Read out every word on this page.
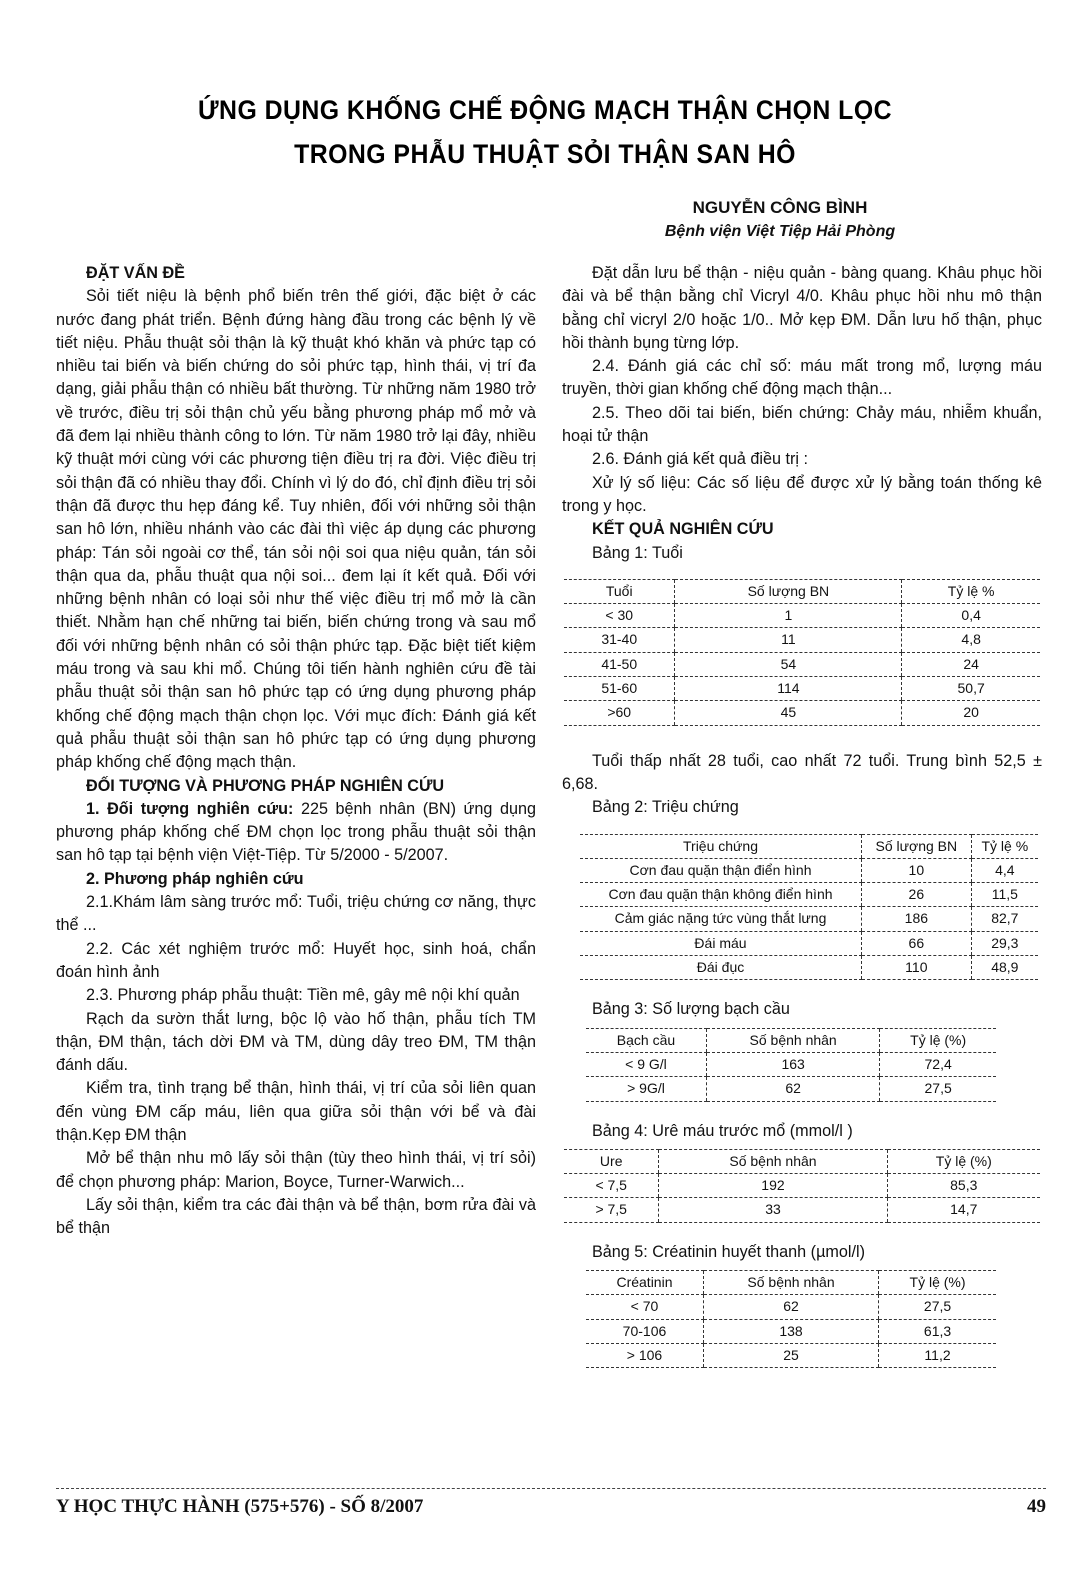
ỨNG DỤNG KHỐNG CHẾ ĐỘNG MẠCH THẬN CHỌN LỌC
TRONG PHẪU THUẬT SỎI THẬN SAN HÔ
NGUYỄN CÔNG BÌNH
Bệnh viện Việt Tiệp Hải Phòng
ĐẶT VẤN ĐỀ

Sỏi tiết niệu là bệnh phổ biến trên thế giới, đặc biệt ở các nước đang phát triển. Bệnh đứng hàng đầu trong các bệnh lý về tiết niệu. Phẫu thuật sỏi thận là kỹ thuật khó khăn và phức tạp có nhiều tai biến và biến chứng do sỏi phức tạp, hình thái, vị trí đa dạng, giải phẫu thận có nhiều bất thường. Từ những năm 1980 trở về trước, điều trị sỏi thận chủ yếu bằng phương pháp mổ mở và đã đem lại nhiều thành công to lớn. Từ năm 1980 trở lại đây, nhiều kỹ thuật mới cùng với các phương tiện điều trị ra đời. Việc điều trị sỏi thận đã có nhiều thay đổi. Chính vì lý do đó, chỉ định điều trị sỏi thận đã được thu hẹp đáng kể. Tuy nhiên, đối với những sỏi thận san hô lớn, nhiều nhánh vào các đài thì việc áp dụng các phương pháp: Tán sỏi ngoài cơ thể, tán sỏi nội soi qua niệu quản, tán sỏi thận qua da, phẫu thuật qua nội soi... đem lại ít kết quả. Đối với những bệnh nhân có loại sỏi như thế việc điều trị mổ mở là cần thiết. Nhằm hạn chế những tai biến, biến chứng trong và sau mổ đối với những bệnh nhân có sỏi thận phức tạp. Đặc biệt tiết kiệm máu trong và sau khi mổ. Chúng tôi tiến hành nghiên cứu đề tài phẫu thuật sỏi thận san hô phức tạp có ứng dụng phương pháp khống chế động mạch thận chọn lọc. Với mục đích: Đánh giá kết quả phẫu thuật sỏi thận san hô phức tạp có ứng dụng phương pháp khống chế động mạch thận.

ĐỐI TƯỢNG VÀ PHƯƠNG PHÁP NGHIÊN CỨU

1. Đối tượng nghiên cứu: 225 bệnh nhân (BN) ứng dụng phương pháp khống chế ĐM chọn lọc trong phẫu thuật sỏi thận san hô tạp tại bệnh viện Việt-Tiệp. Từ 5/2000 - 5/2007.

2. Phương pháp nghiên cứu

2.1.Khám lâm sàng trước mổ: Tuổi, triệu chứng cơ năng, thực thể ...

2.2. Các xét nghiệm trước mổ: Huyết học, sinh hoá, chẩn đoán hình ảnh

2.3. Phương pháp phẫu thuật: Tiền mê, gây mê nội khí quản

Rạch da sườn thắt lưng, bộc lộ vào hố thận, phẫu tích TM thận, ĐM thận, tách dời ĐM và TM, dùng dây treo ĐM, TM thận đánh dấu.

Kiểm tra, tình trạng bể thận, hình thái, vị trí của sỏi liên quan đến vùng ĐM cấp máu, liên qua giữa sỏi thận với bể và đài thận.Kẹp ĐM thận

Mở bể thận nhu mô lấy sỏi thận (tùy theo hình thái, vị trí sỏi) để chọn phương pháp: Marion, Boyce, Turner-Warwich...

Lấy sỏi thận, kiểm tra các đài thận và bể thận, bơm rửa đài và bể thận

Đặt dẫn lưu bể thận - niệu quản - bàng quang. Khâu phục hồi đài và bể thận bằng chỉ Vicryl 4/0. Khâu phục hồi nhu mô thận bằng chỉ vicryl 2/0 hoặc 1/0.. Mở kẹp ĐM. Dẫn lưu hố thận, phục hồi thành bụng từng lớp.

2.4. Đánh giá các chỉ số: máu mất trong mổ, lượng máu truyền, thời gian khống chế động mạch thận...

2.5. Theo dõi tai biến, biến chứng: Chảy máu, nhiễm khuẩn, hoại tử thận

2.6. Đánh giá kết quả điều trị :

Xử lý số liệu: Các số liệu để được xử lý bằng toán thống kê trong y học.

KẾT QUẢ NGHIÊN CỨU
Bảng 1: Tuổi
Tuổi	Số lượng BN	Tỷ lệ %
< 30	1	0,4
31-40	11	4,8
41-50	54	24
51-60	114	50,7
>60	45	20

Tuổi thấp nhất 28 tuổi, cao nhất 72 tuổi. Trung bình 52,5 ± 6,68.

Bảng 2: Triệu chứng
Triệu chứng	Số lượng BN	Tỷ lệ %
Cơn đau quặn thận điển hình	10	4,4
Cơn đau quặn thận không điển hình	26	11,5
Cảm giác nặng tức vùng thắt lưng	186	82,7
Đái máu	66	29,3
Đái đục	110	48,9
Bảng 3: Số lượng bạch cầu
Bạch cầu	Số bệnh nhân	Tỷ lệ (%)
< 9 G/l	163	72,4
> 9G/l	62	27,5
Bảng 4: Urê máu trước mổ (mmol/l )
Ure	Số bệnh nhân	Tỷ lệ (%)
< 7,5	192	85,3
> 7,5	33	14,7
Bảng 5: Créatinin huyết thanh (µmol/l)
Créatinin	Số bệnh nhân	Tỷ lệ (%)
< 70	62	27,5
70-106	138	61,3
> 106	25	11,2
Y HỌC THỰC HÀNH (575+576) - SỐ 8/2007	49
